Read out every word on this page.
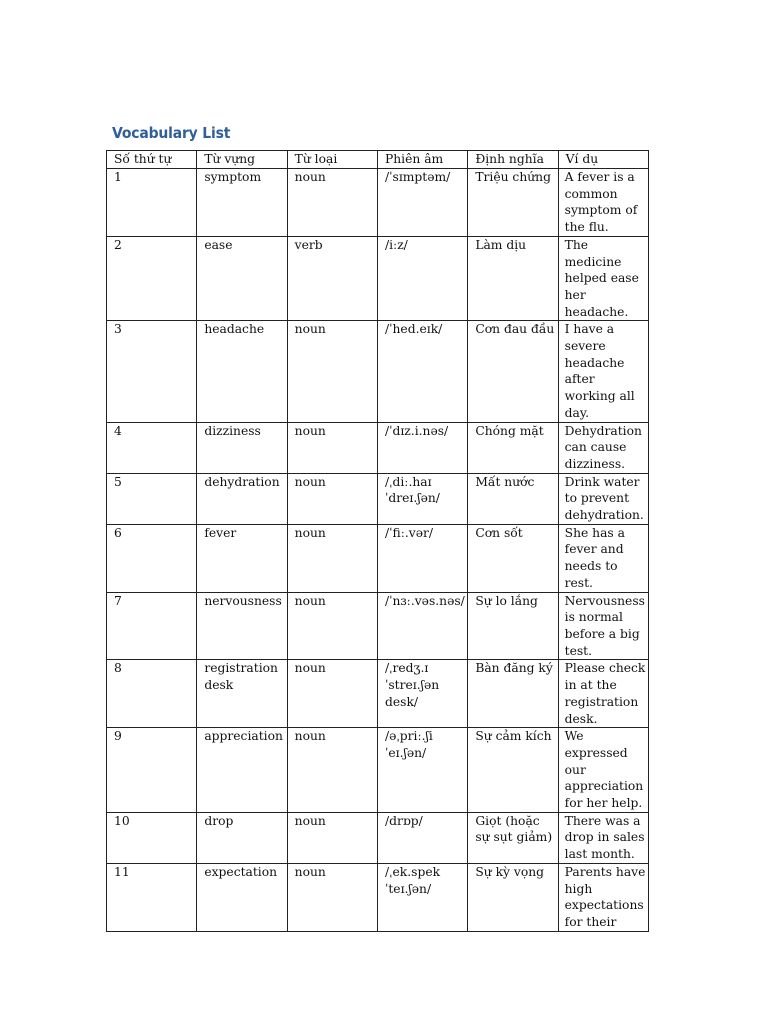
Vocabulary List
Số thứ tự	Từ vựng	Từ loại	Phiên âm	Định nghĩa	Ví dụ
1	symptom	noun	/ˈsɪmptəm/	Triệu chứng	A fever is a common symptom of the flu.
2	ease	verb	/iːz/	Làm dịu	The medicine helped ease her headache.
3	headache	noun	/ˈhed.eɪk/	Cơn đau đầu	I have a severe headache after working all day.
4	dizziness	noun	/ˈdɪz.i.nəs/	Chóng mặt	Dehydration can cause dizziness.
5	dehydration	noun	/ˌdiː.haɪˈdreɪ.ʃən/	Mất nước	Drink water to prevent dehydration.
6	fever	noun	/ˈfiː.vər/	Cơn sốt	She has a fever and needs to rest.
7	nervousness	noun	/ˈnɜː.vəs.nəs/	Sự lo lắng	Nervousness is normal before a big test.
8	registration desk	noun	/ˌredʒ.ɪˈstreɪ.ʃən desk/	Bàn đăng ký	Please check in at the registration desk.
9	appreciation	noun	/əˌpriː.ʃiˈeɪ.ʃən/	Sự cảm kích	We expressed our appreciation for her help.
10	drop	noun	/drɒp/	Giọt (hoặc sự sụt giảm)	There was a drop in sales last month.
11	expectation	noun	/ˌek.spekˈteɪ.ʃən/	Sự kỳ vọng	Parents have high expectations for their
